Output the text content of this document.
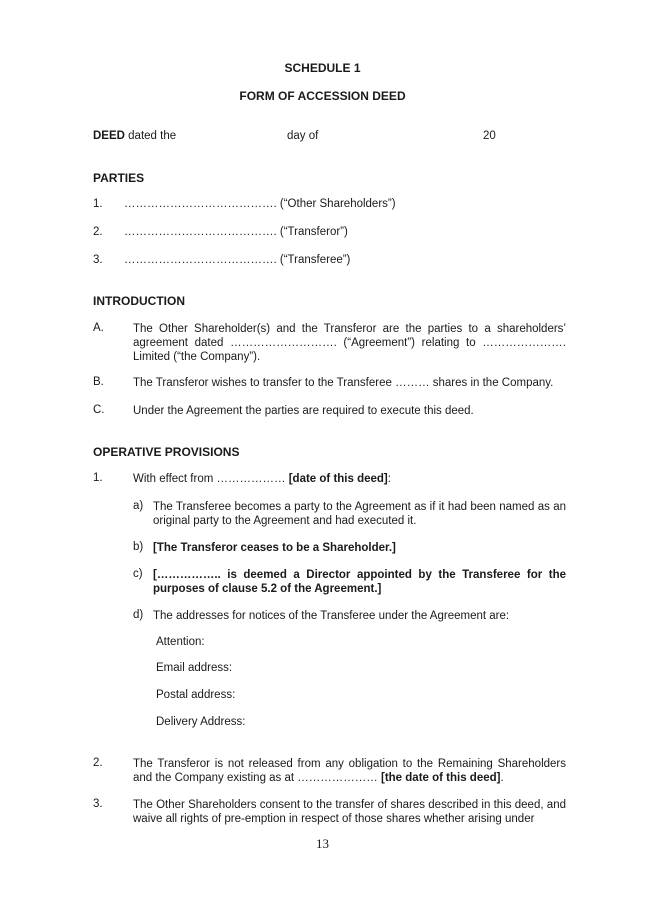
SCHEDULE 1
FORM OF ACCESSION DEED
DEED dated the	day of	20
PARTIES
1. …………………………………. (“Other Shareholders”)
2. …………………………………. (“Transferor”)
3. …………………………………. (“Transferee”)
INTRODUCTION
A.	The Other Shareholder(s) and the Transferor are the parties to a shareholders’ agreement dated ………………………. (“Agreement”) relating to …………………. Limited (“the Company”).
B.	The Transferor wishes to transfer to the Transferee ……… shares in the Company.
C. Under the Agreement the parties are required to execute this deed.
OPERATIVE PROVISIONS
1.	With effect from ……………… [date of this deed]:
a) The Transferee becomes a party to the Agreement as if it had been named as an original party to the Agreement and had executed it.
b) [The Transferor ceases to be a Shareholder.]
c) […………….. is deemed a Director appointed by the Transferee for the purposes of clause 5.2 of the Agreement.]
d) The addresses for notices of the Transferee under the Agreement are:
Attention:
Email address:
Postal address:
Delivery Address:
2.	The Transferor is not released from any obligation to the Remaining Shareholders and the Company existing as at ………………… [the date of this deed].
3.	The Other Shareholders consent to the transfer of shares described in this deed, and waive all rights of pre-emption in respect of those shares whether arising under
13
